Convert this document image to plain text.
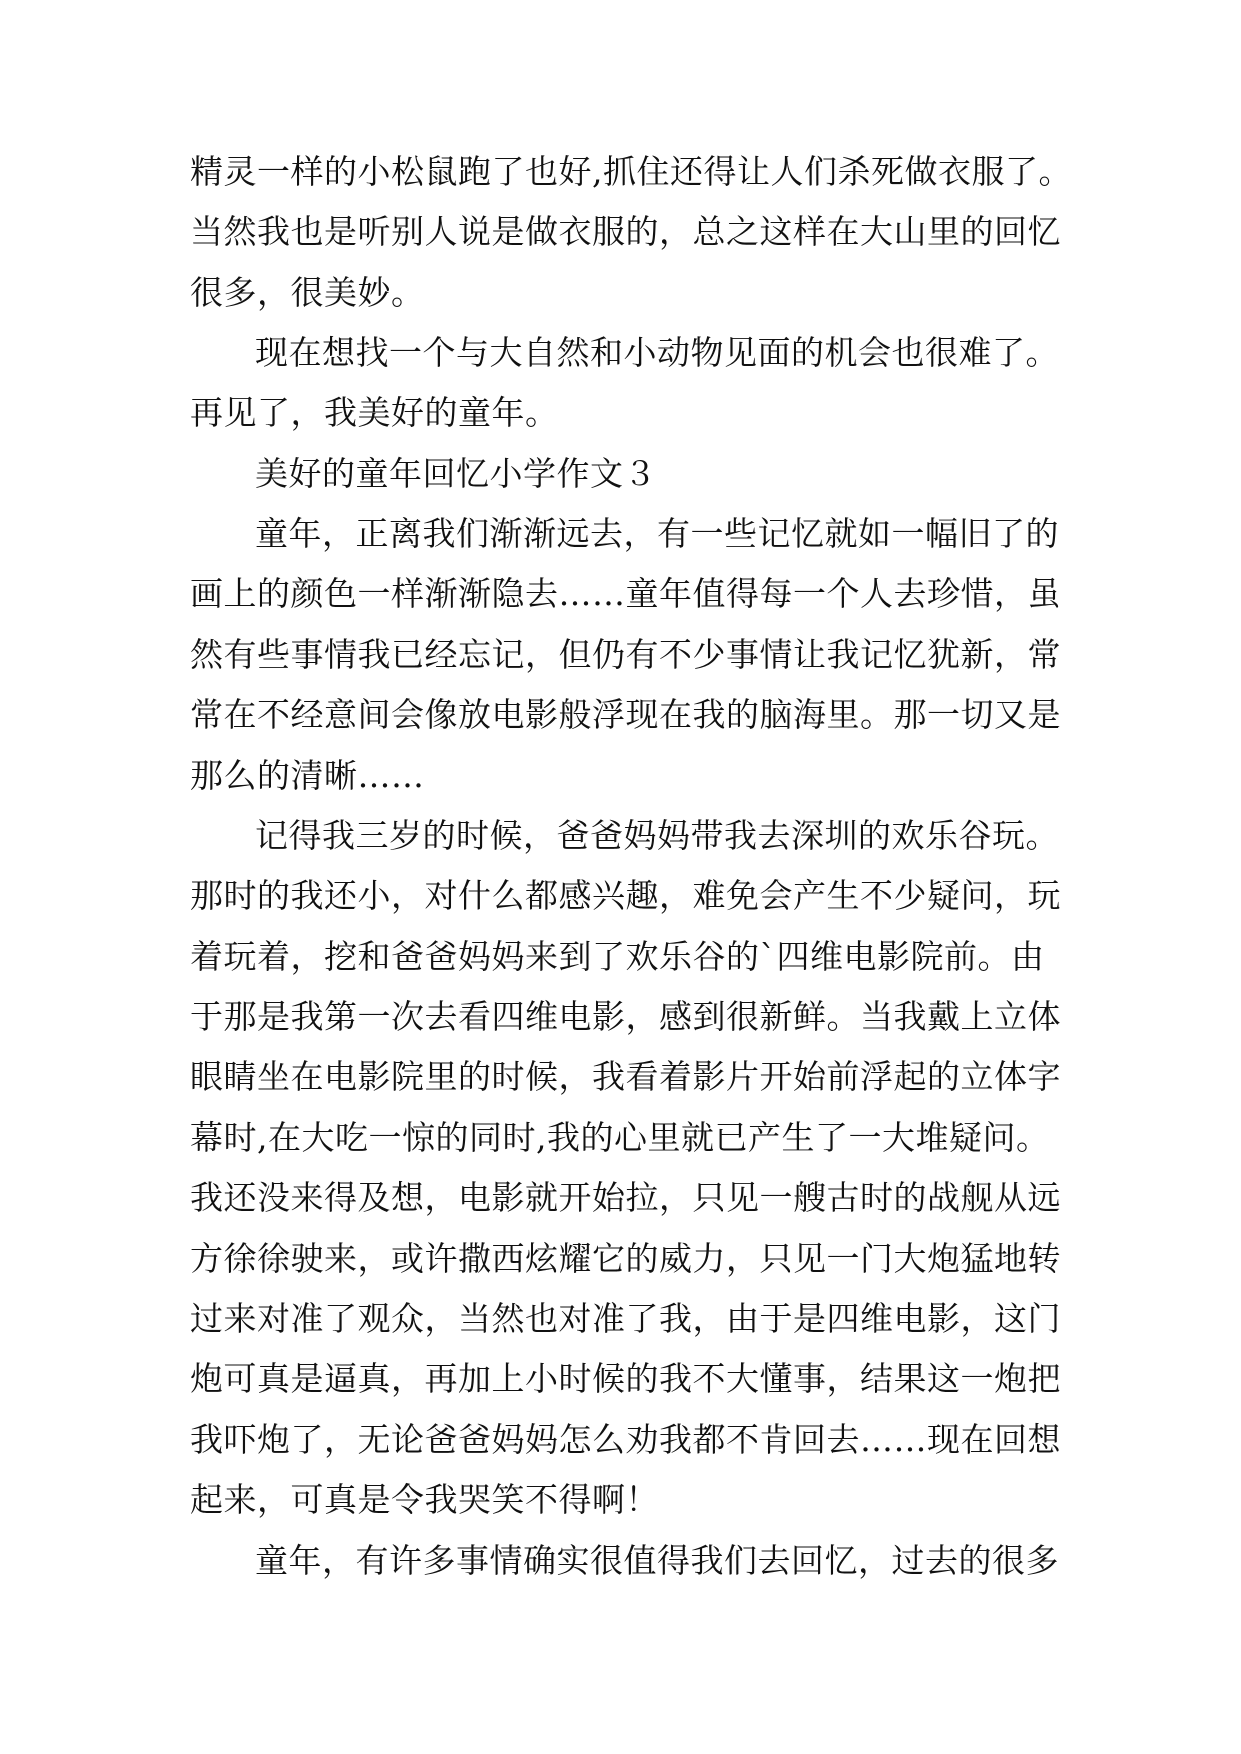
精灵一样的小松鼠跑了也好,抓住还得让人们杀死做衣服了。
当然我也是听别人说是做衣服的，总之这样在大山里的回忆
很多，很美妙。
现在想找一个与大自然和小动物见面的机会也很难了。
再见了，我美好的童年。
美好的童年回忆小学作文３
童年，正离我们渐渐远去，有一些记忆就如一幅旧了的
画上的颜色一样渐渐隐去……童年值得每一个人去珍惜，虽
然有些事情我已经忘记，但仍有不少事情让我记忆犹新，常
常在不经意间会像放电影般浮现在我的脑海里。那一切又是
那么的清晰……
记得我三岁的时候，爸爸妈妈带我去深圳的欢乐谷玩。
那时的我还小，对什么都感兴趣，难免会产生不少疑问，玩
着玩着，挖和爸爸妈妈来到了欢乐谷的`四维电影院前。由
于那是我第一次去看四维电影，感到很新鲜。当我戴上立体
眼睛坐在电影院里的时候，我看着影片开始前浮起的立体字
幕时,在大吃一惊的同时,我的心里就已产生了一大堆疑问。
我还没来得及想，电影就开始拉，只见一艘古时的战舰从远
方徐徐驶来，或许撒西炫耀它的威力，只见一门大炮猛地转
过来对准了观众，当然也对准了我，由于是四维电影，这门
炮可真是逼真，再加上小时候的我不大懂事，结果这一炮把
我吓炮了，无论爸爸妈妈怎么劝我都不肯回去……现在回想
起来，可真是令我哭笑不得啊！
童年，有许多事情确实很值得我们去回忆，过去的很多
